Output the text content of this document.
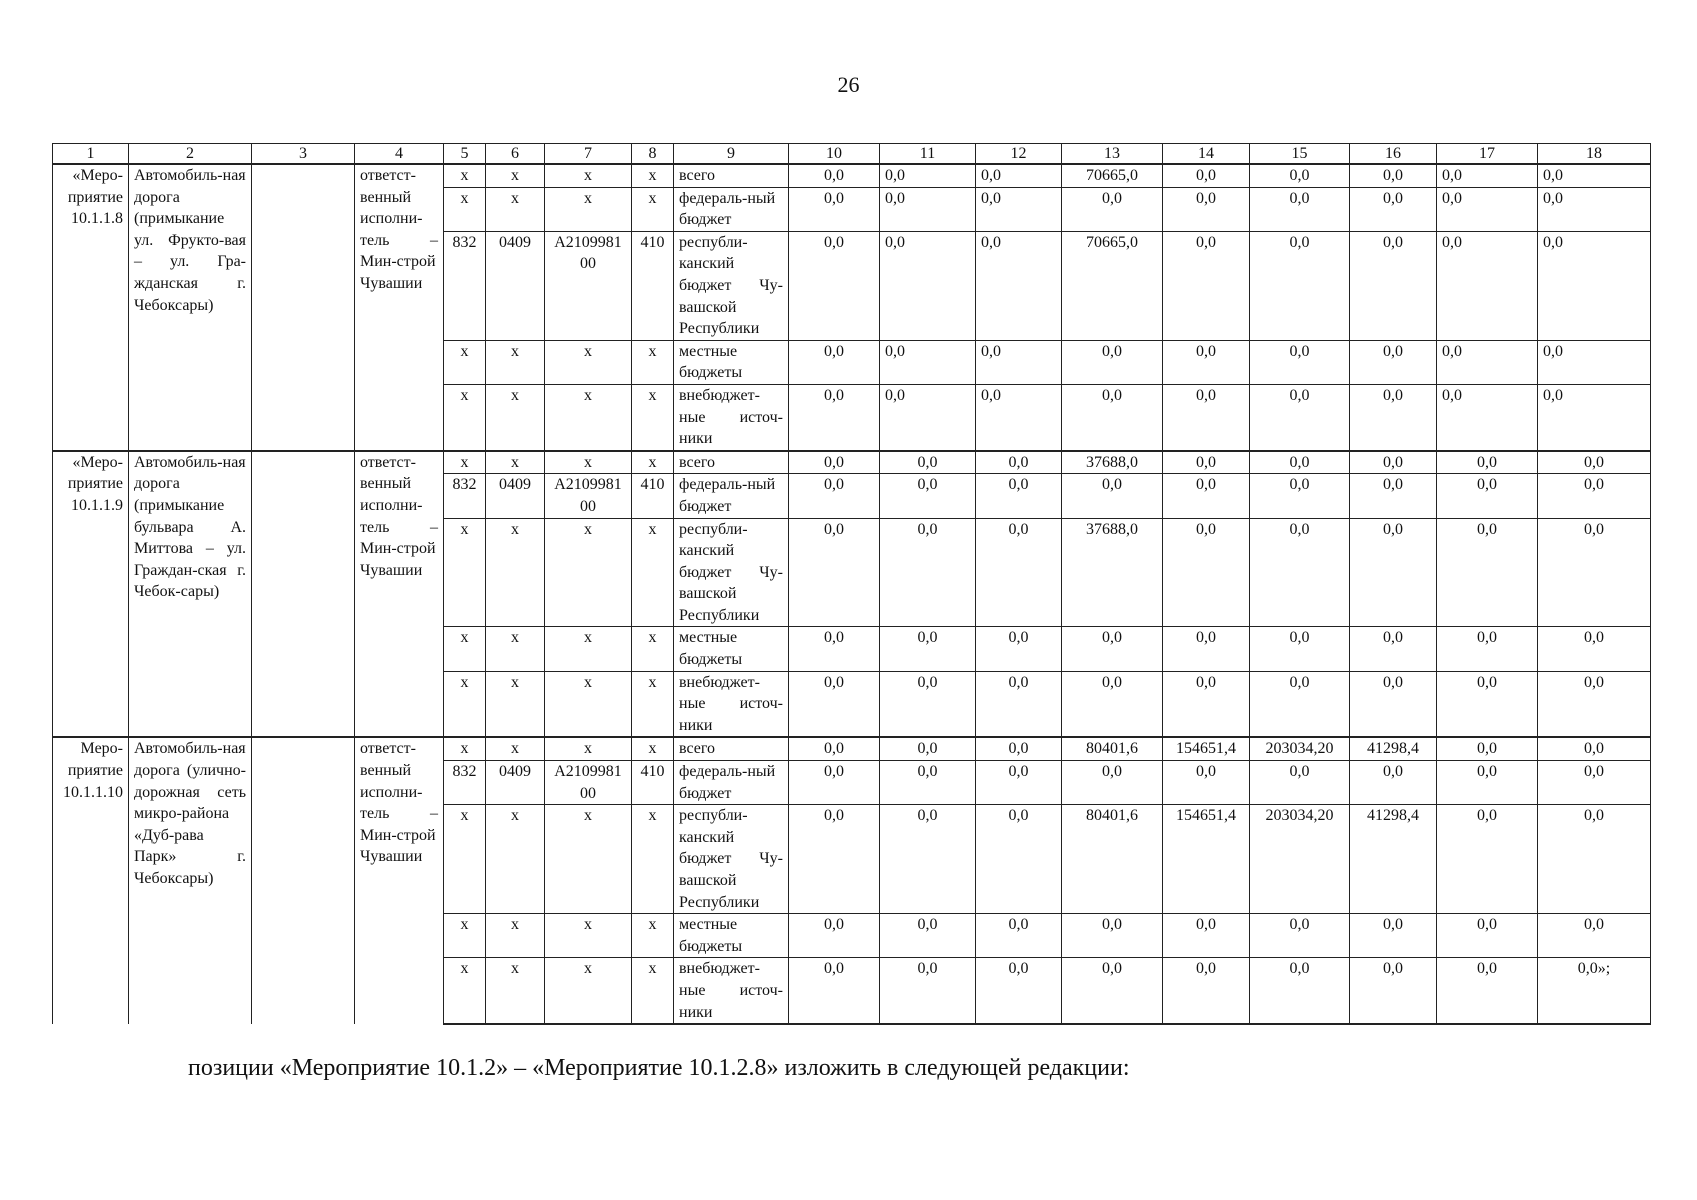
26
1	2	3	4	5	6	7	8	9	10	11	12	13	14	15	16	17	18
«Меро-приятие 10.1.1.8	Автомобиль-ная дорога (примыкание ул. Фрукто-вая – ул. Гра-жданская г. Чебоксары)		ответст-венный исполни-тель – Мин-строй Чувашии	x	x	x	x	всего	0,0	0,0	0,0	70665,0	0,0	0,0	0,0	0,0	0,0
				x	x	x	x	федераль-ный бюджет	0,0	0,0	0,0	0,0	0,0	0,0	0,0	0,0	0,0
				832	0409	А2109981 00	410	республи-канский бюджет Чу-вашской Республики	0,0	0,0	0,0	70665,0	0,0	0,0	0,0	0,0	0,0
				x	x	x	x	местные бюджеты	0,0	0,0	0,0	0,0	0,0	0,0	0,0	0,0	0,0
				x	x	x	x	внебюджет-ные источ-ники	0,0	0,0	0,0	0,0	0,0	0,0	0,0	0,0	0,0
«Меро-приятие 10.1.1.9	Автомобиль-ная дорога (примыкание бульвара А. Миттова – ул. Граждан-ская г. Чебок-сары)		ответст-венный исполни-тель – Мин-строй Чувашии	x	x	x	x	всего	0,0	0,0	0,0	37688,0	0,0	0,0	0,0	0,0	0,0
				832	0409	А2109981 00	410	федераль-ный бюджет	0,0	0,0	0,0	0,0	0,0	0,0	0,0	0,0	0,0
				x	x	x	x	республи-канский бюджет Чу-вашской Республики	0,0	0,0	0,0	37688,0	0,0	0,0	0,0	0,0	0,0
				x	x	x	x	местные бюджеты	0,0	0,0	0,0	0,0	0,0	0,0	0,0	0,0	0,0
				x	x	x	x	внебюджет-ные источ-ники	0,0	0,0	0,0	0,0	0,0	0,0	0,0	0,0	0,0
Меро-приятие 10.1.1.10	Автомобиль-ная дорога (улично-дорожная сеть микро-района «Дуб-рава Парк» г. Чебоксары)		ответст-венный исполни-тель – Мин-строй Чувашии	x	x	x	x	всего	0,0	0,0	0,0	80401,6	154651,4	203034,20	41298,4	0,0	0,0
				832	0409	А2109981 00	410	федераль-ный бюджет	0,0	0,0	0,0	0,0	0,0	0,0	0,0	0,0	0,0
				x	x	x	x	республи-канский бюджет Чу-вашской Республики	0,0	0,0	0,0	80401,6	154651,4	203034,20	41298,4	0,0	0,0
				x	x	x	x	местные бюджеты	0,0	0,0	0,0	0,0	0,0	0,0	0,0	0,0	0,0
				x	x	x	x	внебюджет-ные источ-ники	0,0	0,0	0,0	0,0	0,0	0,0	0,0	0,0	0,0»;
позиции «Мероприятие 10.1.2» – «Мероприятие 10.1.2.8» изложить в следующей редакции:
